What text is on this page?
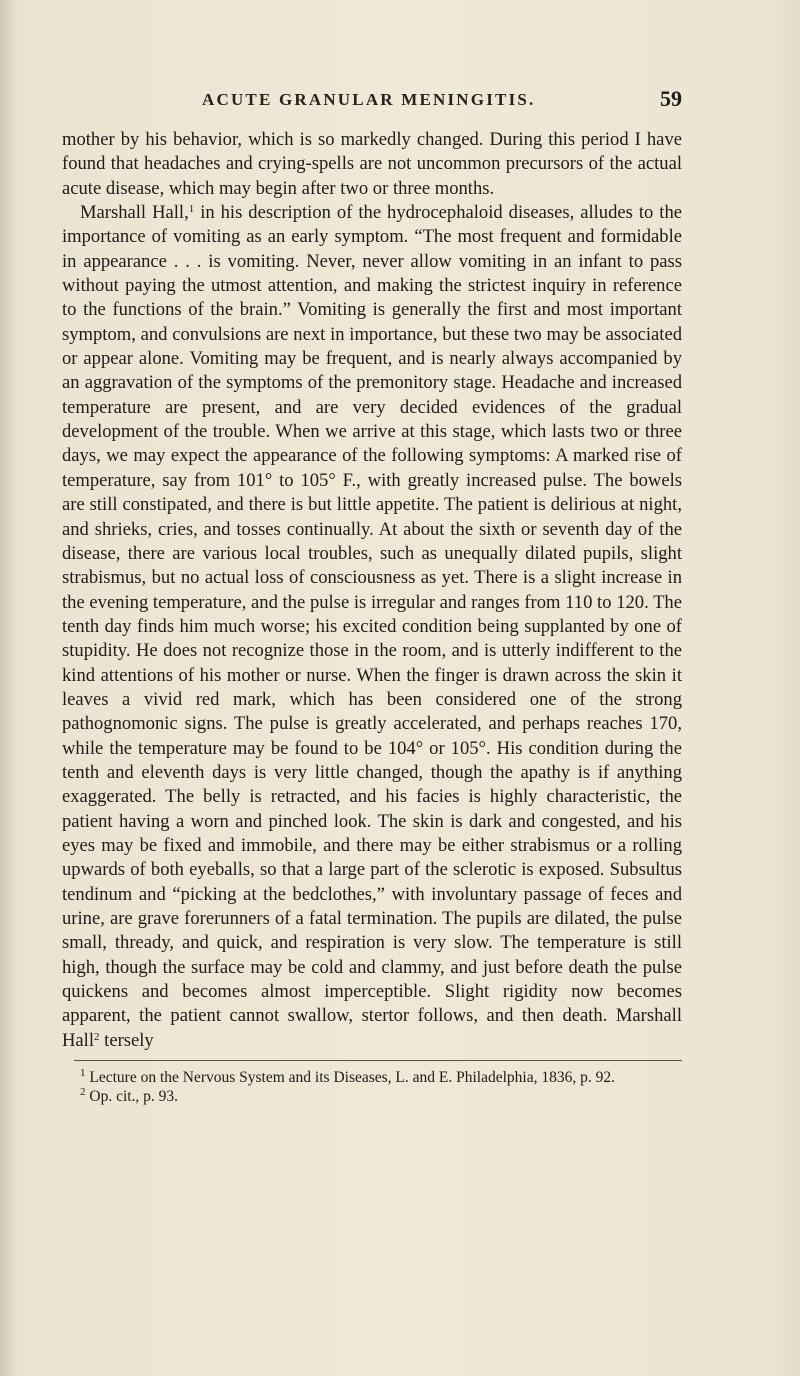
ACUTE GRANULAR MENINGITIS.	59

mother by his behavior, which is so markedly changed. During this period I have found that headaches and crying-spells are not uncommon precursors of the actual acute disease, which may begin after two or three months.

Marshall Hall,$^1$ in his description of the hydrocephaloid diseases, alludes to the importance of vomiting as an early symptom. “The most frequent and formidable in appearance . . . is vomiting. Never, never allow vomiting in an infant to pass without paying the utmost attention, and making the strictest inquiry in reference to the functions of the brain.” Vomiting is generally the first and most important symptom, and convulsions are next in importance, but these two may be associated or appear alone. Vomiting may be frequent, and is nearly always accompanied by an aggravation of the symptoms of the premonitory stage. Headache and increased temperature are present, and are very decided evidences of the gradual development of the trouble. When we arrive at this stage, which lasts two or three days, we may expect the appearance of the following symptoms: A marked rise of temperature, say from 101° to 105° F., with greatly increased pulse. The bowels are still constipated, and there is but little appetite. The patient is delirious at night, and shrieks, cries, and tosses continually. At about the sixth or seventh day of the disease, there are various local troubles, such as unequally dilated pupils, slight strabismus, but no actual loss of consciousness as yet. There is a slight increase in the evening temperature, and the pulse is irregular and ranges from 110 to 120. The tenth day finds him much worse; his excited condition being supplanted by one of stupidity. He does not recognize those in the room, and is utterly indifferent to the kind attentions of his mother or nurse. When the finger is drawn across the skin it leaves a vivid red mark, which has been considered one of the strong pathognomonic signs. The pulse is greatly accelerated, and perhaps reaches 170, while the temperature may be found to be 104° or 105°. His condition during the tenth and eleventh days is very little changed, though the apathy is if anything exaggerated. The belly is retracted, and his facies is highly characteristic, the patient having a worn and pinched look. The skin is dark and congested, and his eyes may be fixed and immobile, and there may be either strabismus or a rolling upwards of both eyeballs, so that a large part of the sclerotic is exposed. Subsultus tendinum and “picking at the bedclothes,” with involuntary passage of feces and urine, are grave forerunners of a fatal termination. The pupils are dilated, the pulse small, thready, and quick, and respiration is very slow. The temperature is still high, though the surface may be cold and clammy, and just before death the pulse quickens and becomes almost imperceptible. Slight rigidity now becomes apparent, the patient cannot swallow, stertor follows, and then death. Marshall Hall$^2$ tersely

$^1$ Lecture on the Nervous System and its Diseases, L. and E. Philadelphia, 1836, p. 92.

$^2$ Op. cit., p. 93.
